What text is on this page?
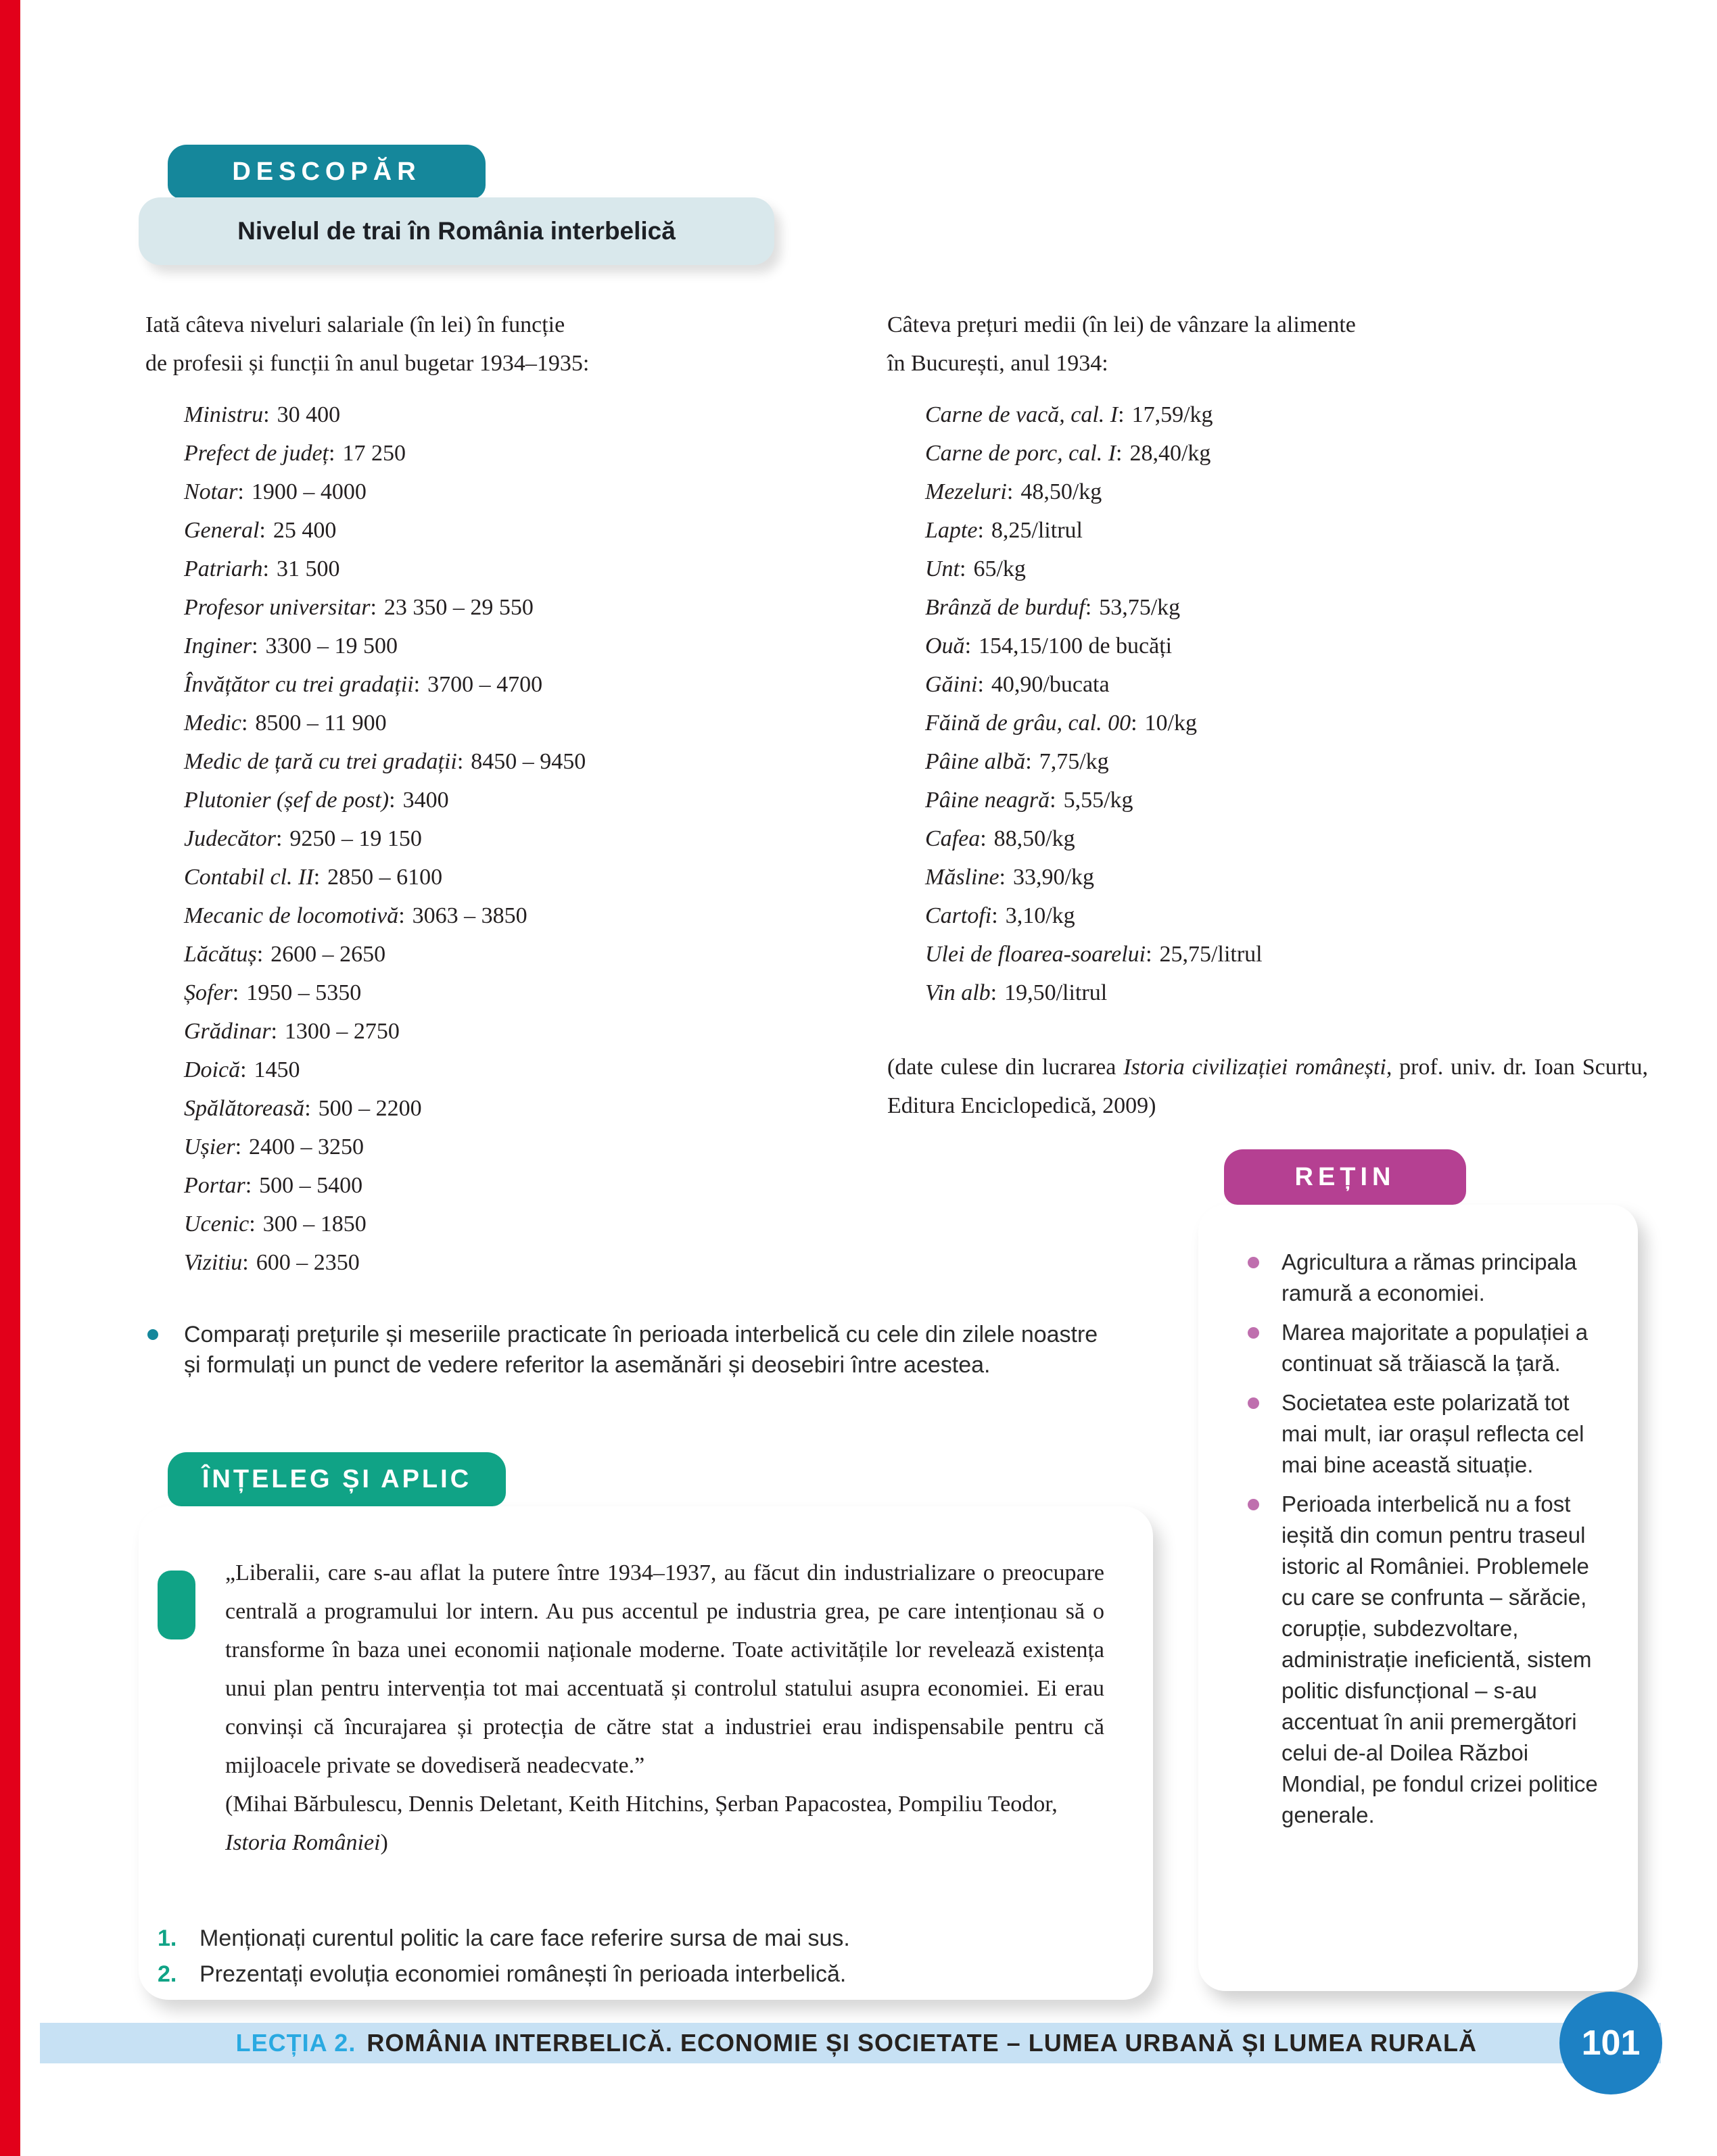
DESCOPĂR
Nivelul de trai în România interbelică
Iată câteva niveluri salariale (în lei) în funcție
de profesii și funcții în anul bugetar 1934–1935:
Ministru: 30 400
Prefect de județ: 17 250
Notar: 1900 – 4000
General: 25 400
Patriarh: 31 500
Profesor universitar: 23 350 – 29 550
Inginer: 3300 – 19 500
Învățător cu trei gradații: 3700 – 4700
Medic: 8500 – 11 900
Medic de țară cu trei gradații: 8450 – 9450
Plutonier (șef de post): 3400
Judecător: 9250 – 19 150
Contabil cl. II: 2850 – 6100
Mecanic de locomotivă: 3063 – 3850
Lăcătuș: 2600 – 2650
Șofer: 1950 – 5350
Grădinar: 1300 – 2750
Doică: 1450
Spălătoreasă: 500 – 2200
Ușier: 2400 – 3250
Portar: 500 – 5400
Ucenic: 300 – 1850
Vizitiu: 600 – 2350
Câteva prețuri medii (în lei) de vânzare la alimente
în București, anul 1934:
Carne de vacă, cal. I: 17,59/kg
Carne de porc, cal. I: 28,40/kg
Mezeluri: 48,50/kg
Lapte: 8,25/litrul
Unt: 65/kg
Brânză de burduf: 53,75/kg
Ouă: 154,15/100 de bucăți
Găini: 40,90/bucata
Făină de grâu, cal. 00: 10/kg
Pâine albă: 7,75/kg
Pâine neagră: 5,55/kg
Cafea: 88,50/kg
Măsline: 33,90/kg
Cartofi: 3,10/kg
Ulei de floarea-soarelui: 25,75/litrul
Vin alb: 19,50/litrul
(date culese din lucrarea Istoria civilizației românești, prof. univ. dr. Ioan Scurtu, Editura Enciclopedică, 2009)
Comparați prețurile și meseriile practicate în perioada interbelică cu cele din zilele noastre și formulați un punct de vedere referitor la asemănări și deosebiri între acestea.
ÎNȚELEG ȘI APLIC
„Liberalii, care s-au aflat la putere între 1934–1937, au făcut din industrializare o preocupare centrală a programului lor intern. Au pus accentul pe industria grea, pe care intenționau să o transforme în baza unei economii naționale moderne. Toate activitățile lor revelează existența unui plan pentru intervenția tot mai accentuată și controlul statului asupra economiei. Ei erau convinși că încurajarea și protecția de către stat a industriei erau indispensabile pentru că mijloacele private se dovediseră neadecvate.”
(Mihai Bărbulescu, Dennis Deletant, Keith Hitchins, Șerban Papacostea, Pompiliu Teodor, Istoria României)
1. Menționați curentul politic la care face referire sursa de mai sus.
2. Prezentați evoluția economiei românești în perioada interbelică.
REȚIN
Agricultura a rămas principala ramură a economiei.
Marea majoritate a populației a continuat să trăiască la țară.
Societatea este polarizată tot mai mult, iar orașul reflecta cel mai bine această situație.
Perioada interbelică nu a fost ieșită din comun pentru traseul istoric al României. Problemele cu care se confrunta – sărăcie, corupție, subdezvoltare, administrație ineficientă, sistem politic disfuncțional – s-au accentuat în anii premergători celui de-al Doilea Război Mondial, pe fondul crizei politice generale.
LECȚIA 2. ROMÂNIA INTERBELICĂ. ECONOMIE ȘI SOCIETATE – LUMEA URBANĂ ȘI LUMEA RURALĂ	101
